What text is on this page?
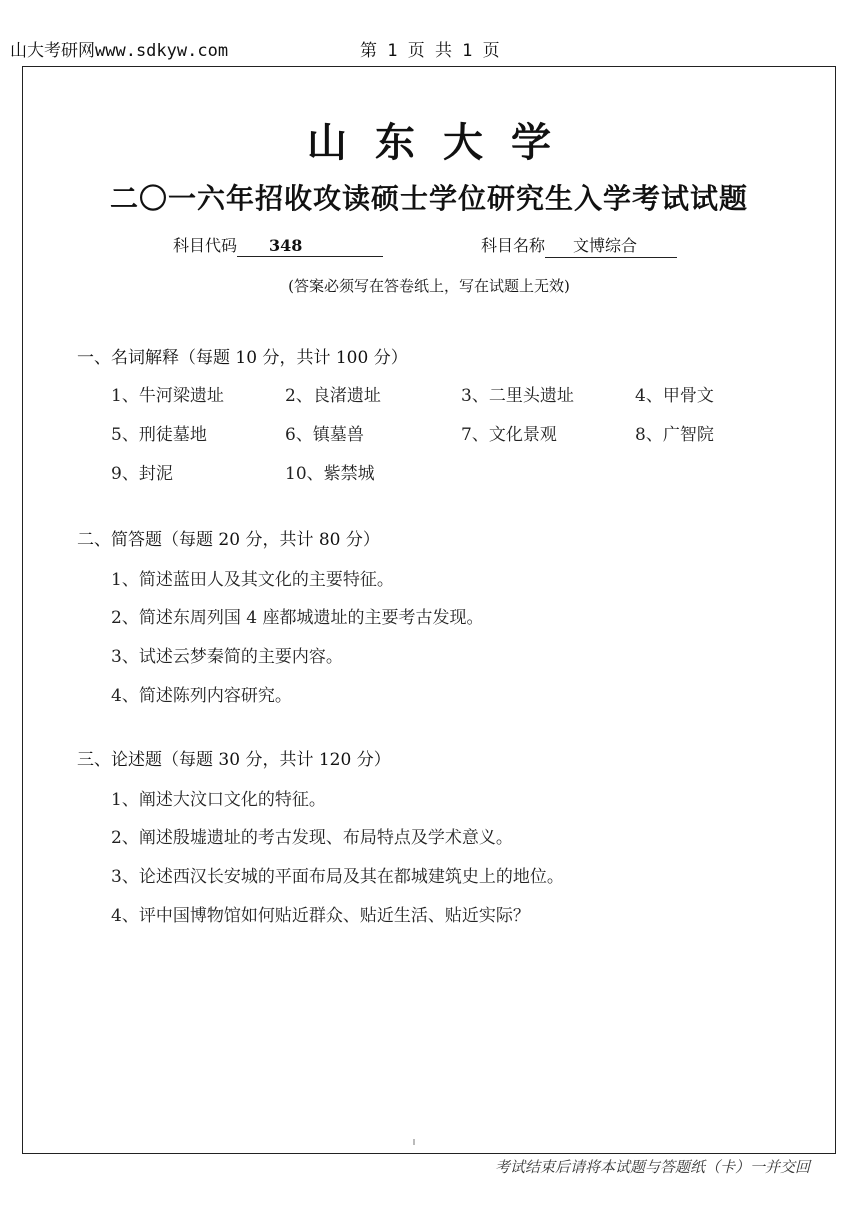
山大考研网www.sdkyw.com	第 1 页 共 1 页
山东大学
二〇一六年招收攻读硕士学位研究生入学考试试题
科目代码 348	科目名称 文博综合
(答案必须写在答卷纸上，写在试题上无效)
一、名词解释（每题 10 分，共计 100 分）
1、牛河梁遗址	2、良渚遗址	3、二里头遗址	4、甲骨文
5、刑徒墓地	6、镇墓兽	7、文化景观	8、广智院
9、封泥	10、紫禁城
二、简答题（每题 20 分，共计 80 分）
1、简述蓝田人及其文化的主要特征。
2、简述东周列国 4 座都城遗址的主要考古发现。
3、试述云梦秦简的主要内容。
4、简述陈列内容研究。
三、论述题（每题 30 分，共计 120 分）
1、阐述大汶口文化的特征。
2、阐述殷墟遗址的考古发现、布局特点及学术意义。
3、论述西汉长安城的平面布局及其在都城建筑史上的地位。
4、评中国博物馆如何贴近群众、贴近生活、贴近实际？
考试结束后请将本试题与答题纸（卡）一并交回
